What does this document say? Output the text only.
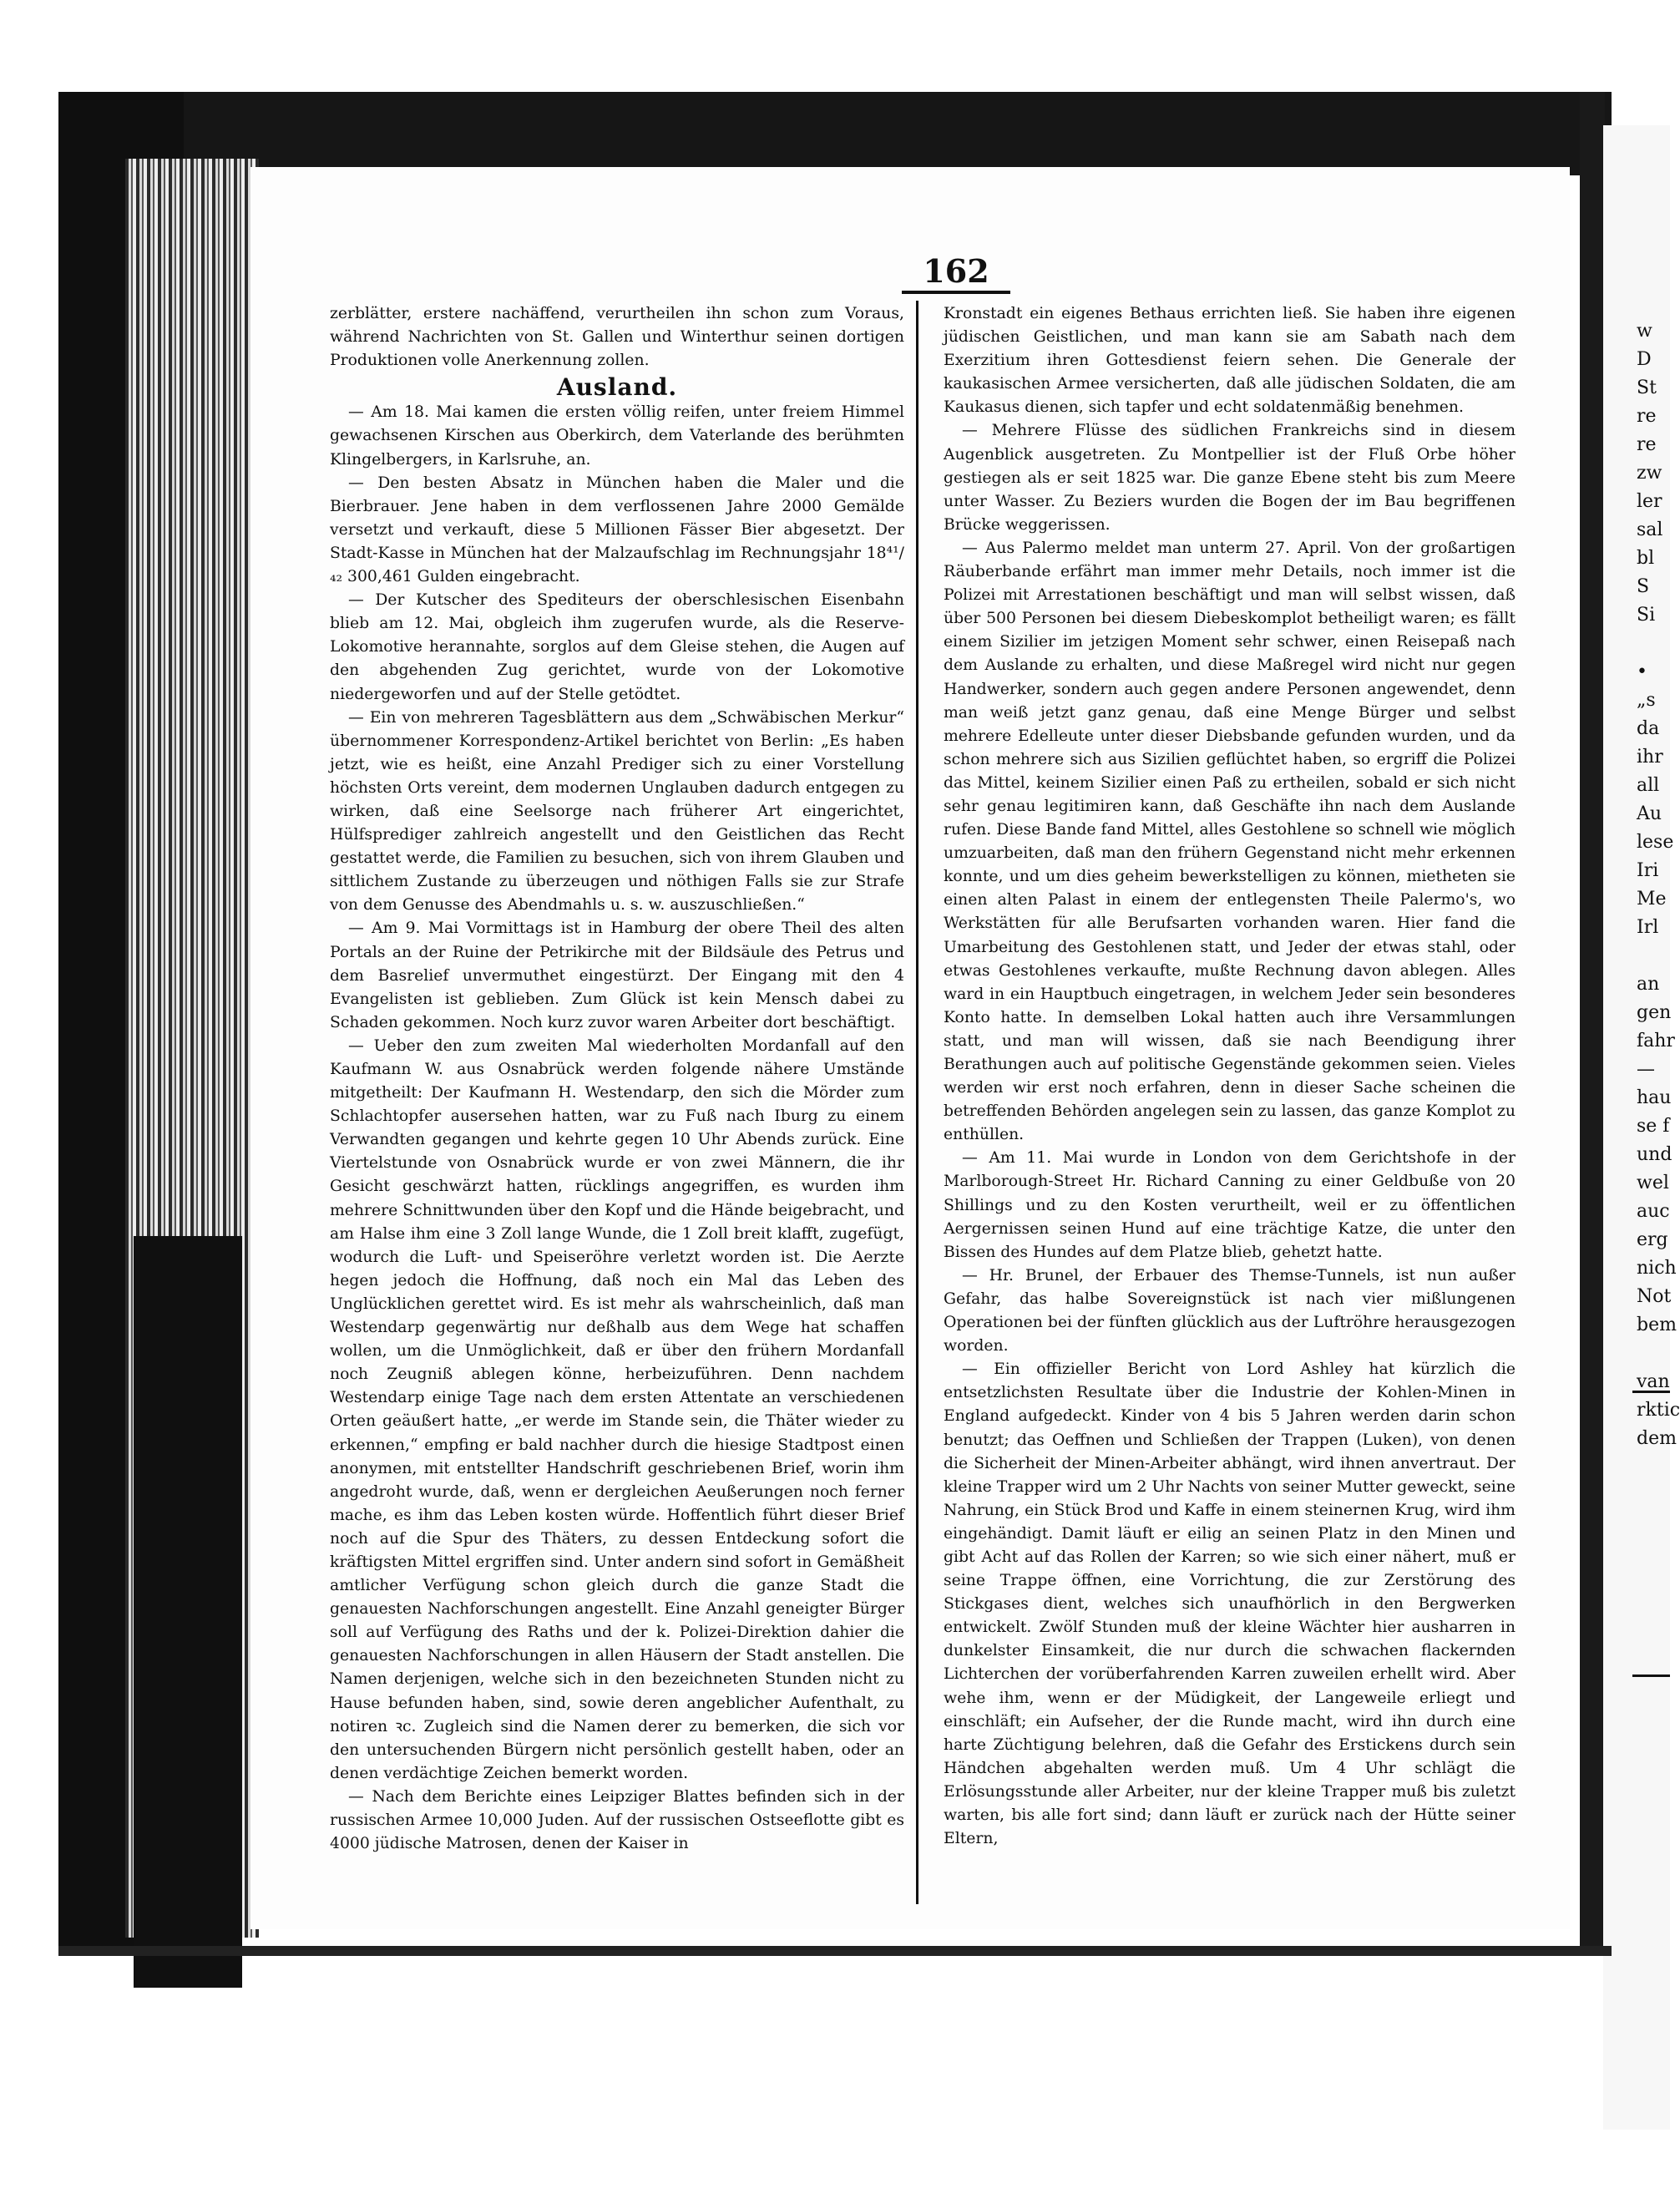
w
D
St
re
re
zw
ler
sal
bl
S
Si

•
„s
da
ihr
all
Au
lese
Iri
Me
Irl

an
gen
fahr
—
hau
se f
und
wel
auc
erg
nich
Not
bem

van
rktic
dem
162

zerblätter, erstere nachäffend, verurtheilen ihn schon zum Voraus, während Nachrichten von St. Gallen und Winterthur seinen dortigen Produktionen volle Anerkennung zollen.

Ausland.

— Am 18. Mai kamen die ersten völlig reifen, unter freiem Himmel gewachsenen Kirschen aus Oberkirch, dem Vaterlande des berühmten Klingelbergers, in Karlsruhe, an.

— Den besten Absatz in München haben die Maler und die Bierbrauer. Jene haben in dem verflossenen Jahre 2000 Gemälde versetzt und verkauft, diese 5 Millionen Fässer Bier abgesetzt. Der Stadt-Kasse in München hat der Malzaufschlag im Rechnungsjahr 18⁴¹/₄₂ 300,461 Gulden eingebracht.

— Der Kutscher des Spediteurs der oberschlesischen Eisenbahn blieb am 12. Mai, obgleich ihm zugerufen wurde, als die Reserve-Lokomotive herannahte, sorglos auf dem Gleise stehen, die Augen auf den abgehenden Zug gerichtet, wurde von der Lokomotive niedergeworfen und auf der Stelle getödtet.

— Ein von mehreren Tagesblättern aus dem „Schwäbischen Merkur“ übernommener Korrespondenz-Artikel berichtet von Berlin: „Es haben jetzt, wie es heißt, eine Anzahl Prediger sich zu einer Vorstellung höchsten Orts vereint, dem modernen Unglauben dadurch entgegen zu wirken, daß eine Seelsorge nach früherer Art eingerichtet, Hülfsprediger zahlreich angestellt und den Geistlichen das Recht gestattet werde, die Familien zu besuchen, sich von ihrem Glauben und sittlichem Zustande zu überzeugen und nöthigen Falls sie zur Strafe von dem Genusse des Abendmahls u. s. w. auszuschließen.“

— Am 9. Mai Vormittags ist in Hamburg der obere Theil des alten Portals an der Ruine der Petrikirche mit der Bildsäule des Petrus und dem Basrelief unvermuthet eingestürzt. Der Eingang mit den 4 Evangelisten ist geblieben. Zum Glück ist kein Mensch dabei zu Schaden gekommen. Noch kurz zuvor waren Arbeiter dort beschäftigt.

— Ueber den zum zweiten Mal wiederholten Mordanfall auf den Kaufmann W. aus Osnabrück werden folgende nähere Umstände mitgetheilt: Der Kaufmann H. Westendarp, den sich die Mörder zum Schlachtopfer ausersehen hatten, war zu Fuß nach Iburg zu einem Verwandten gegangen und kehrte gegen 10 Uhr Abends zurück. Eine Viertelstunde von Osnabrück wurde er von zwei Männern, die ihr Gesicht geschwärzt hatten, rücklings angegriffen, es wurden ihm mehrere Schnittwunden über den Kopf und die Hände beigebracht, und am Halse ihm eine 3 Zoll lange Wunde, die 1 Zoll breit klafft, zugefügt, wodurch die Luft- und Speiseröhre verletzt worden ist. Die Aerzte hegen jedoch die Hoffnung, daß noch ein Mal das Leben des Unglücklichen gerettet wird. Es ist mehr als wahrscheinlich, daß man Westendarp gegenwärtig nur deßhalb aus dem Wege hat schaffen wollen, um die Unmöglichkeit, daß er über den frühern Mordanfall noch Zeugniß ablegen könne, herbeizuführen. Denn nachdem Westendarp einige Tage nach dem ersten Attentate an verschiedenen Orten geäußert hatte, „er werde im Stande sein, die Thäter wieder zu erkennen,“ empfing er bald nachher durch die hiesige Stadtpost einen anonymen, mit entstellter Handschrift geschriebenen Brief, worin ihm angedroht wurde, daß, wenn er dergleichen Aeußerungen noch ferner mache, es ihm das Leben kosten würde. Hoffentlich führt dieser Brief noch auf die Spur des Thäters, zu dessen Entdeckung sofort die kräftigsten Mittel ergriffen sind. Unter andern sind sofort in Gemäßheit amtlicher Verfügung schon gleich durch die ganze Stadt die genauesten Nachforschungen angestellt. Eine Anzahl geneigter Bürger soll auf Verfügung des Raths und der k. Polizei-Direktion dahier die genauesten Nachforschungen in allen Häusern der Stadt anstellen. Die Namen derjenigen, welche sich in den bezeichneten Stunden nicht zu Hause befunden haben, sind, sowie deren angeblicher Aufenthalt, zu notiren ꝛc. Zugleich sind die Namen derer zu bemerken, die sich vor den untersuchenden Bürgern nicht persönlich gestellt haben, oder an denen verdächtige Zeichen bemerkt worden.

— Nach dem Berichte eines Leipziger Blattes befinden sich in der russischen Armee 10,000 Juden. Auf der russischen Ostseeflotte gibt es 4000 jüdische Matrosen, denen der Kaiser in

Kronstadt ein eigenes Bethaus errichten ließ. Sie haben ihre eigenen jüdischen Geistlichen, und man kann sie am Sabath nach dem Exerzitium ihren Gottesdienst feiern sehen. Die Generale der kaukasischen Armee versicherten, daß alle jüdischen Soldaten, die am Kaukasus dienen, sich tapfer und echt soldatenmäßig benehmen.

— Mehrere Flüsse des südlichen Frankreichs sind in diesem Augenblick ausgetreten. Zu Montpellier ist der Fluß Orbe höher gestiegen als er seit 1825 war. Die ganze Ebene steht bis zum Meere unter Wasser. Zu Beziers wurden die Bogen der im Bau begriffenen Brücke weggerissen.

— Aus Palermo meldet man unterm 27. April. Von der großartigen Räuberbande erfährt man immer mehr Details, noch immer ist die Polizei mit Arrestationen beschäftigt und man will selbst wissen, daß über 500 Personen bei diesem Diebeskomplot betheiligt waren; es fällt einem Sizilier im jetzigen Moment sehr schwer, einen Reisepaß nach dem Auslande zu erhalten, und diese Maßregel wird nicht nur gegen Handwerker, sondern auch gegen andere Personen angewendet, denn man weiß jetzt ganz genau, daß eine Menge Bürger und selbst mehrere Edelleute unter dieser Diebsbande gefunden wurden, und da schon mehrere sich aus Sizilien geflüchtet haben, so ergriff die Polizei das Mittel, keinem Sizilier einen Paß zu ertheilen, sobald er sich nicht sehr genau legitimiren kann, daß Geschäfte ihn nach dem Auslande rufen. Diese Bande fand Mittel, alles Gestohlene so schnell wie möglich umzuarbeiten, daß man den frühern Gegenstand nicht mehr erkennen konnte, und um dies geheim bewerkstelligen zu können, mietheten sie einen alten Palast in einem der entlegensten Theile Palermo's, wo Werkstätten für alle Berufsarten vorhanden waren. Hier fand die Umarbeitung des Gestohlenen statt, und Jeder der etwas stahl, oder etwas Gestohlenes verkaufte, mußte Rechnung davon ablegen. Alles ward in ein Hauptbuch eingetragen, in welchem Jeder sein besonderes Konto hatte. In demselben Lokal hatten auch ihre Versammlungen statt, und man will wissen, daß sie nach Beendigung ihrer Berathungen auch auf politische Gegenstände gekommen seien. Vieles werden wir erst noch erfahren, denn in dieser Sache scheinen die betreffenden Behörden angelegen sein zu lassen, das ganze Komplot zu enthüllen.

— Am 11. Mai wurde in London von dem Gerichtshofe in der Marlborough-Street Hr. Richard Canning zu einer Geldbuße von 20 Shillings und zu den Kosten verurtheilt, weil er zu öffentlichen Aergernissen seinen Hund auf eine trächtige Katze, die unter den Bissen des Hundes auf dem Platze blieb, gehetzt hatte.

— Hr. Brunel, der Erbauer des Themse-Tunnels, ist nun außer Gefahr, das halbe Sovereignstück ist nach vier mißlungenen Operationen bei der fünften glücklich aus der Luftröhre herausgezogen worden.

— Ein offizieller Bericht von Lord Ashley hat kürzlich die entsetzlichsten Resultate über die Industrie der Kohlen-Minen in England aufgedeckt. Kinder von 4 bis 5 Jahren werden darin schon benutzt; das Oeffnen und Schließen der Trappen (Luken), von denen die Sicherheit der Minen-Arbeiter abhängt, wird ihnen anvertraut. Der kleine Trapper wird um 2 Uhr Nachts von seiner Mutter geweckt, seine Nahrung, ein Stück Brod und Kaffe in einem steinernen Krug, wird ihm eingehändigt. Damit läuft er eilig an seinen Platz in den Minen und gibt Acht auf das Rollen der Karren; so wie sich einer nähert, muß er seine Trappe öffnen, eine Vorrichtung, die zur Zerstörung des Stickgases dient, welches sich unaufhörlich in den Bergwerken entwickelt. Zwölf Stunden muß der kleine Wächter hier ausharren in dunkelster Einsamkeit, die nur durch die schwachen flackernden Lichterchen der vorüberfahrenden Karren zuweilen erhellt wird. Aber wehe ihm, wenn er der Müdigkeit, der Langeweile erliegt und einschläft; ein Aufseher, der die Runde macht, wird ihn durch eine harte Züchtigung belehren, daß die Gefahr des Erstickens durch sein Händchen abgehalten werden muß. Um 4 Uhr schlägt die Erlösungsstunde aller Arbeiter, nur der kleine Trapper muß bis zuletzt warten, bis alle fort sind; dann läuft er zurück nach der Hütte seiner Eltern,
